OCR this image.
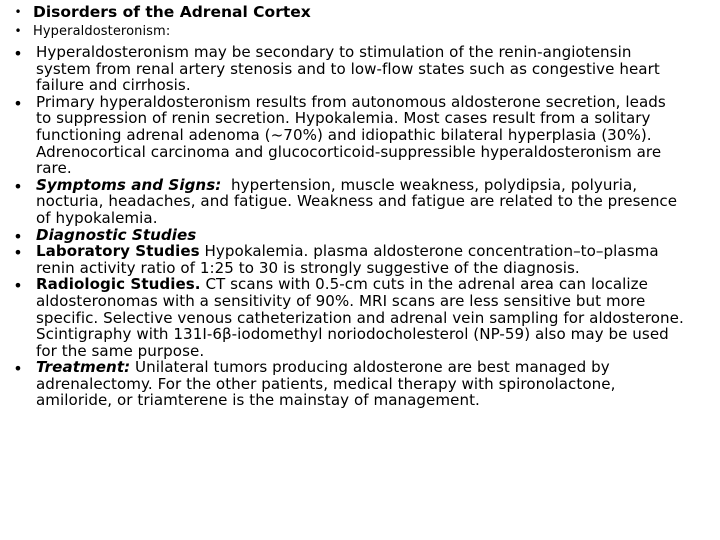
• Disorders of the Adrenal Cortex
• Hyperaldosteronism:
• Hyperaldosteronism may be secondary to stimulation of the renin-angiotensin
system from renal artery stenosis and to low-flow states such as congestive heart
failure and cirrhosis.
• Primary hyperaldosteronism results from autonomous aldosterone secretion, leads
to suppression of renin secretion. Hypokalemia. Most cases result from a solitary
functioning adrenal adenoma (~70%) and idiopathic bilateral hyperplasia (30%).
Adrenocortical carcinoma and glucocorticoid-suppressible hyperaldosteronism are
rare.
• Symptoms and Signs:  hypertension, muscle weakness, polydipsia, polyuria,
nocturia, headaches, and fatigue. Weakness and fatigue are related to the presence
of hypokalemia.
• Diagnostic Studies
• Laboratory Studies Hypokalemia. plasma aldosterone concentration–to–plasma
renin activity ratio of 1:25 to 30 is strongly suggestive of the diagnosis.
• Radiologic Studies. CT scans with 0.5-cm cuts in the adrenal area can localize
aldosteronomas with a sensitivity of 90%. MRI scans are less sensitive but more
specific. Selective venous catheterization and adrenal vein sampling for aldosterone.
Scintigraphy with 131I-6β-iodomethyl noriodocholesterol (NP-59) also may be used
for the same purpose.
• Treatment: Unilateral tumors producing aldosterone are best managed by
adrenalectomy. For the other patients, medical therapy with spironolactone,
amiloride, or triamterene is the mainstay of management.
